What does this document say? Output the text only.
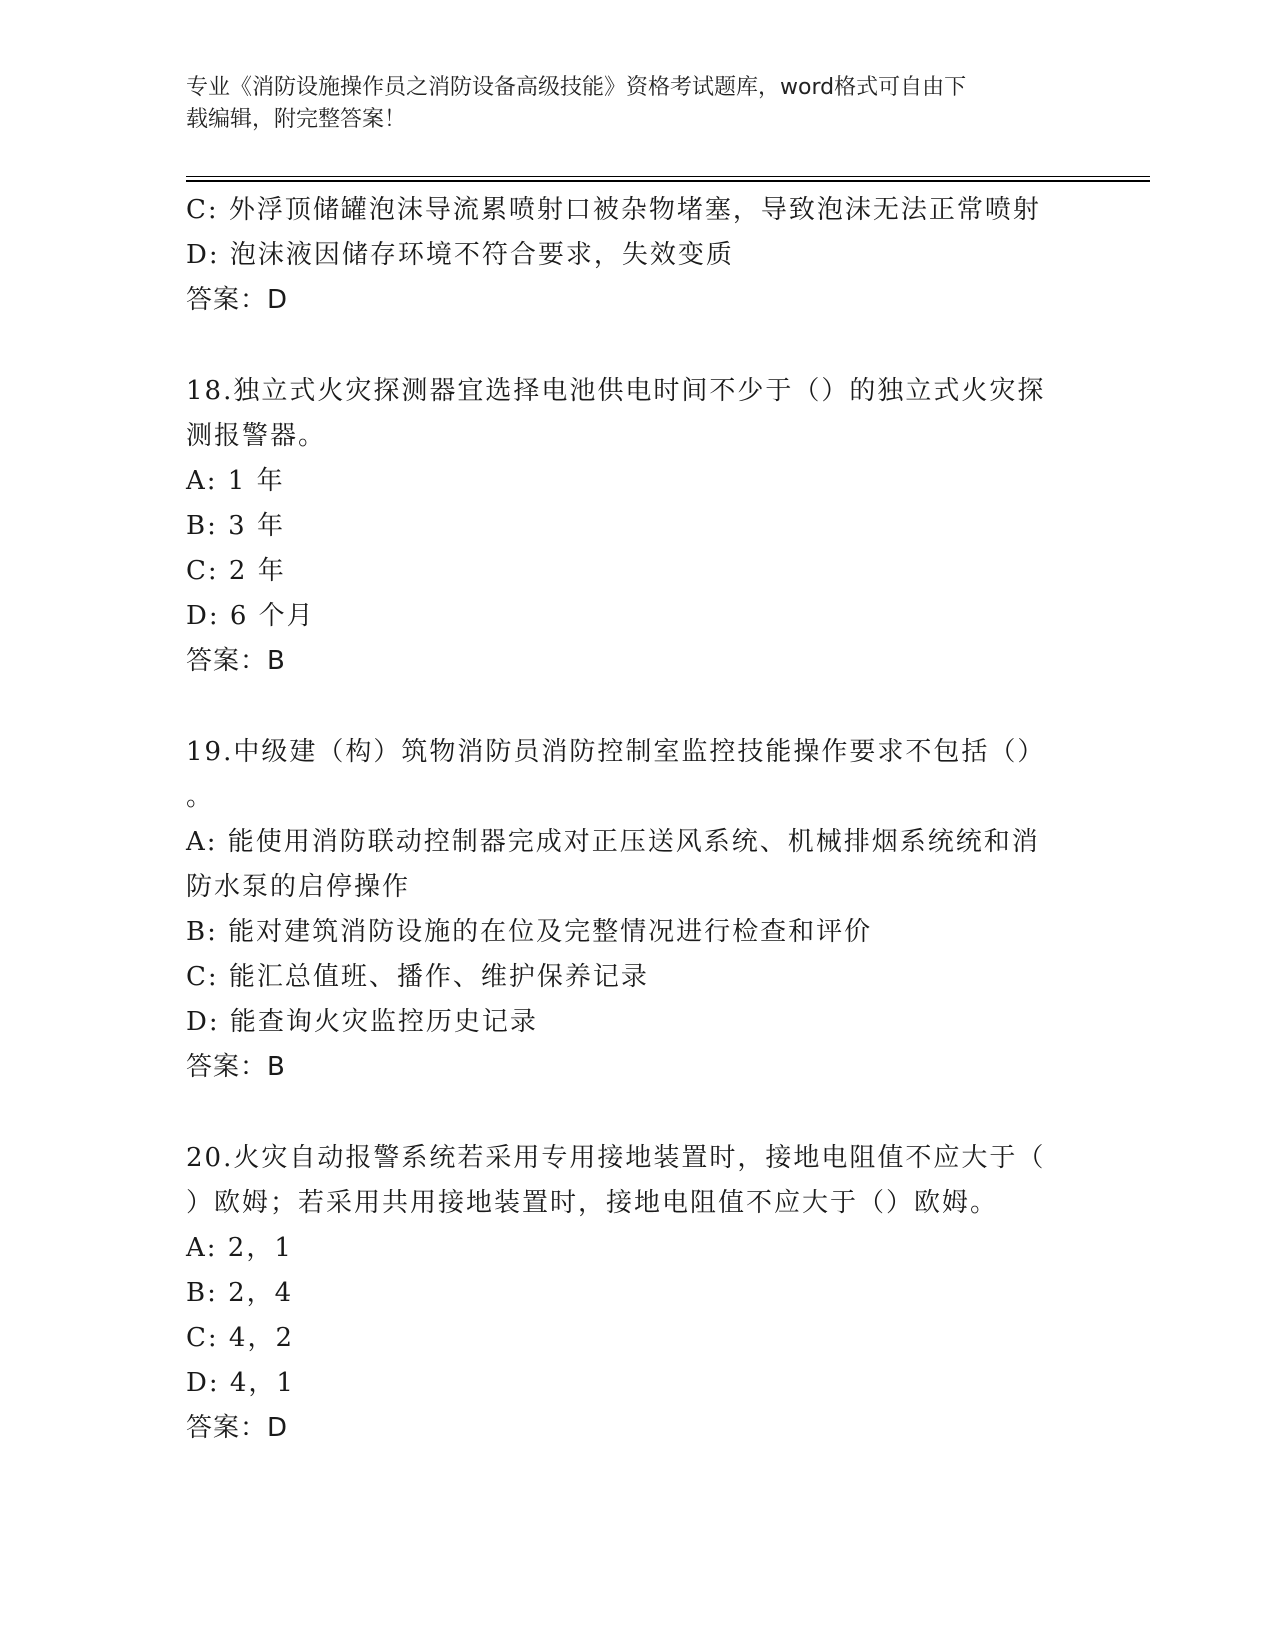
专业《消防设施操作员之消防设备高级技能》资格考试题库，word格式可自由下
载编辑，附完整答案！
C: 外浮顶储罐泡沫导流累喷射口被杂物堵塞，导致泡沫无法正常喷射
D: 泡沫液因储存环境不符合要求，失效变质
答案：D
18.独立式火灾探测器宜选择电池供电时间不少于（）的独立式火灾探
测报警器。
A: 1 年
B: 3 年
C: 2 年
D: 6 个月
答案：B
19.中级建（构）筑物消防员消防控制室监控技能操作要求不包括（）
。
A: 能使用消防联动控制器完成对正压送风系统、机械排烟系统统和消
防水泵的启停操作
B: 能对建筑消防设施的在位及完整情况进行检查和评价
C: 能汇总值班、播作、维护保养记录
D: 能查询火灾监控历史记录
答案：B
20.火灾自动报警系统若采用专用接地装置时，接地电阻值不应大于（
）欧姆；若采用共用接地装置时，接地电阻值不应大于（）欧姆。
A: 2，1
B: 2，4
C: 4，2
D: 4，1
答案：D
